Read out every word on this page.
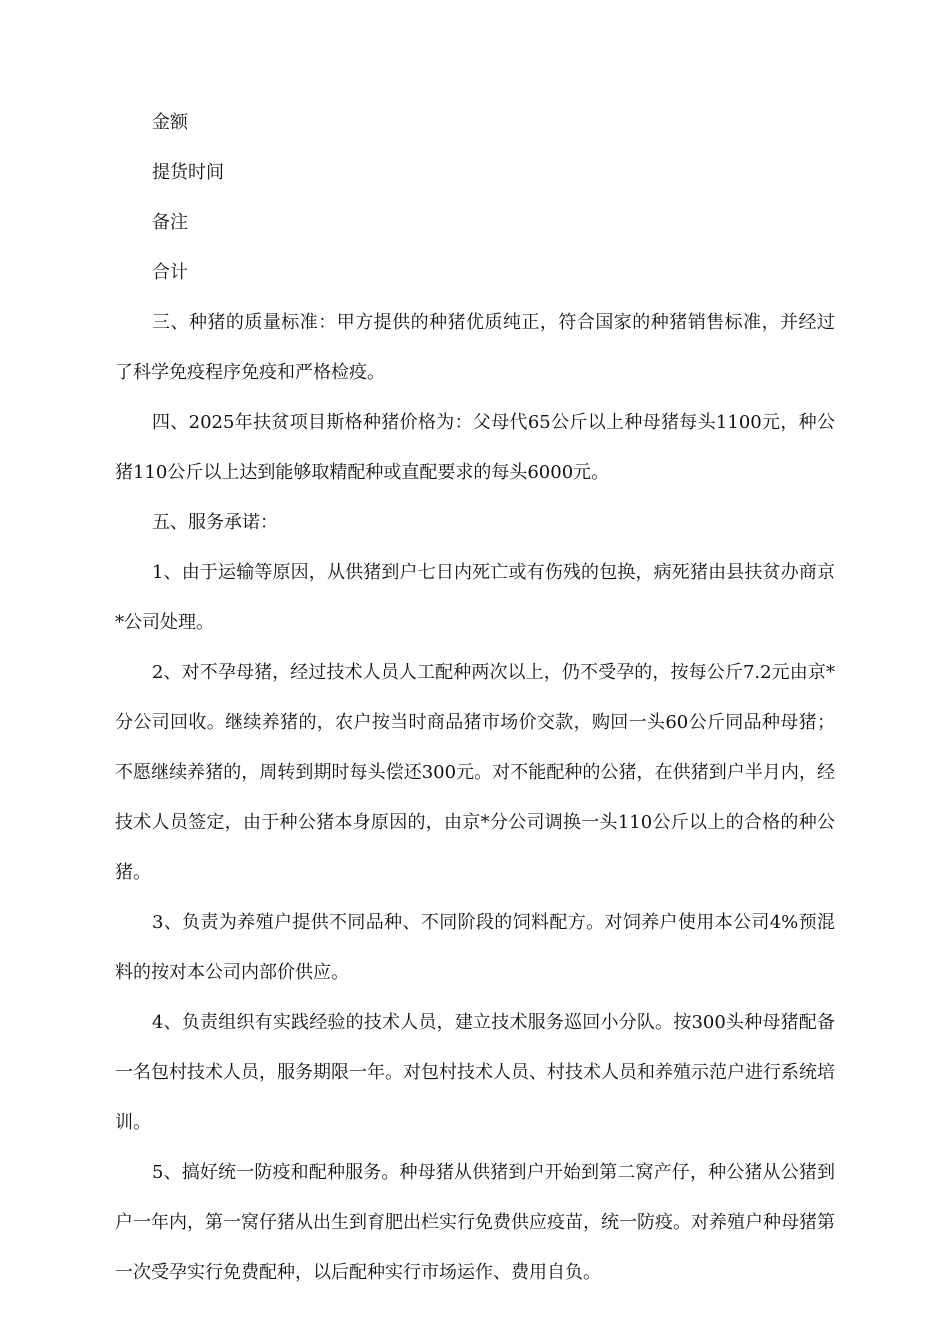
金额

提货时间

备注

合计

三、种猪的质量标准：甲方提供的种猪优质纯正，符合国家的种猪销售标准，并经过了科学免疫程序免疫和严格检疫。

四、2025年扶贫项目斯格种猪价格为：父母代65公斤以上种母猪每头1100元，种公猪110公斤以上达到能够取精配种或直配要求的每头6000元。

五、服务承诺：

1、由于运输等原因，从供猪到户七日内死亡或有伤残的包换，病死猪由县扶贫办商京*公司处理。

2、对不孕母猪，经过技术人员人工配种两次以上，仍不受孕的，按每公斤7.2元由京*分公司回收。继续养猪的，农户按当时商品猪市场价交款，购回一头60公斤同品种母猪；不愿继续养猪的，周转到期时每头偿还300元。对不能配种的公猪，在供猪到户半月内，经技术人员签定，由于种公猪本身原因的，由京*分公司调换一头110公斤以上的合格的种公猪。

3、负责为养殖户提供不同品种、不同阶段的饲料配方。对饲养户使用本公司4%预混料的按对本公司内部价供应。

4、负责组织有实践经验的技术人员，建立技术服务巡回小分队。按300头种母猪配备一名包村技术人员，服务期限一年。对包村技术人员、村技术人员和养殖示范户进行系统培训。

5、搞好统一防疫和配种服务。种母猪从供猪到户开始到第二窝产仔，种公猪从公猪到户一年内，第一窝仔猪从出生到育肥出栏实行免费供应疫苗，统一防疫。对养殖户种母猪第一次受孕实行免费配种，以后配种实行市场运作、费用自负。
